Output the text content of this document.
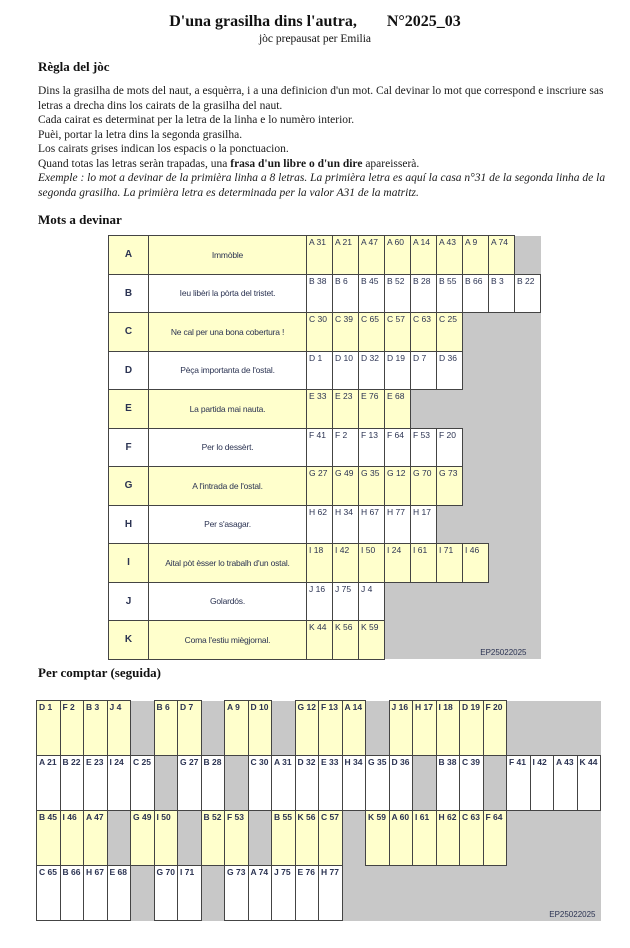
D'una grasilha dins l'autra, N°2025_03
jòc prepausat per Emilia
Règla del jòc
Dins la grasilha de mots del naut, a esquèrra, i a una definicion d'un mot. Cal devinar lo mot que correspond e inscriure sas letras a drecha dins los cairats de la grasilha del naut.
Cada cairat es determinat per la letra de la linha e lo numèro interior.
Puèi, portar la letra dins la segonda grasilha.
Los cairats grises indican los espacis o la ponctuacion.
Quand totas las letras seràn trapadas, una frasa d'un libre o d'un dire apareisserà.
Exemple : lo mot a devinar de la primièra linha a 8 letras. La primièra letra es aquí la casa n°31 de la segonda linha de la segonda grasilha. La primièra letra es determinada per la valor A31 de la matritz.
Mots a devinar
A	Immòble	A 31	A 21	A 47	A 60	A 14	A 43	A 9	A 74	
B	Ieu libèri la pòrta del tristet.	B 38	B 6	B 45	B 52	B 28	B 55	B 66	B 3	B 22
C	Ne cal per una bona cobertura !	C 30	C 39	C 65	C 57	C 63	C 25			
D	Pèça importanta de l'ostal.	D 1	D 10	D 32	D 19	D 7	D 36			
E	La partida mai nauta.	E 33	E 23	E 76	E 68					
F	Per lo dessèrt.	F 41	F 2	F 13	F 64	F 53	F 20			
G	A l'intrada de l'ostal.	G 27	G 49	G 35	G 12	G 70	G 73			
H	Per s'asagar.	H 62	H 34	H 67	H 77	H 17				
I	Aital pòt èsser lo trabalh d'un ostal.	I 18	I 42	I 50	I 24	I 61	I 71	I 46		
J	Golardós.	J 16	J 75	J 4						
K	Coma l'estiu miègjornal.	K 44	K 56	K 59	EP25022025					
Per comptar (seguida)
D 1	F 2	B 3	J 4		B 6	D 7		A 9	D 10		G 12	F 13	A 14		J 16	H 17	I 18	D 19	F 20				
A 21	B 22	E 23	I 24	C 25		G 27	B 28		C 30	A 31	D 32	E 33	H 34	G 35	D 36		B 38	C 39		F 41	I 42	A 43	K 44
B 45	I 46	A 47		G 49	I 50		B 52	F 53		B 55	K 56	C 57		K 59	A 60	I 61	H 62	C 63	F 64				
C 65	B 66	H 67	E 68		G 70	I 71		G 73	A 74	J 75	E 76	H 77	EP25022025										
